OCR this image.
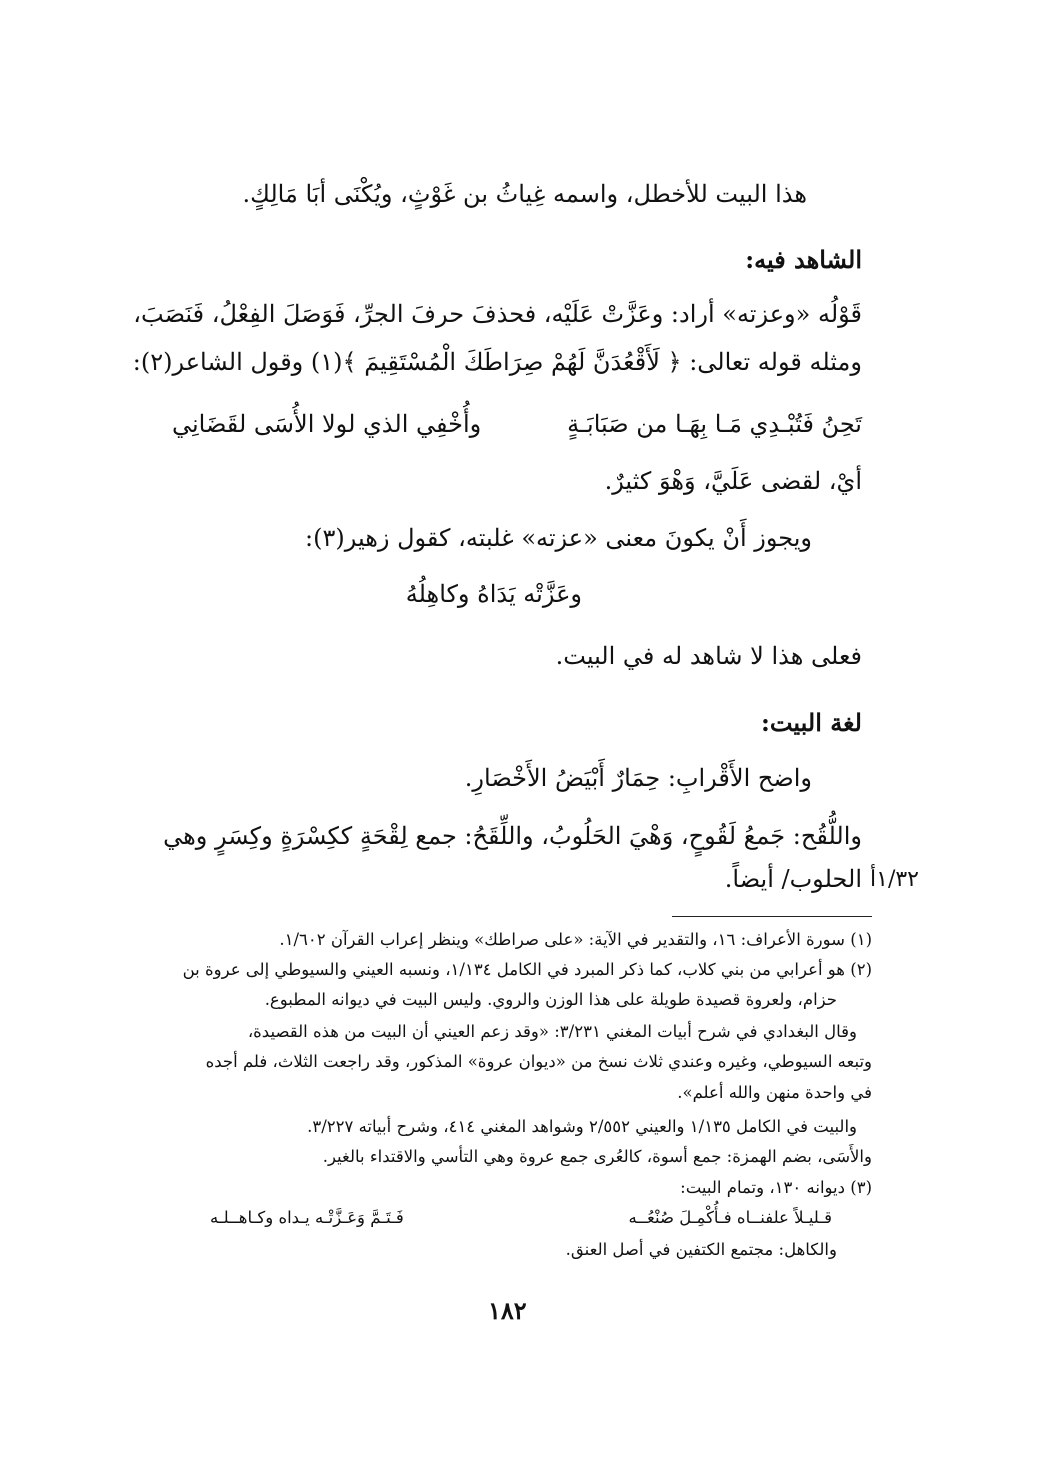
هذا البيت للأخطل، واسمه غِياثُ بن غَوْثٍ، ويُكْنَى أبَا مَالِكٍ.
الشاهد فيه:
قَوْلُه «وعزته» أراد: وعَزَّتْ عَلَيْه، فحذفَ حرفَ الجرِّ، فَوَصَلَ الفِعْلُ، فَنَصَبَ،
ومثله قوله تعالى: ﴿ لَأَقْعُدَنَّ لَهُمْ صِرَاطَكَ الْمُسْتَقِيمَ ﴾(١) وقول الشاعر(٢):
تَحِنُ فَتُبْـدِي مَـا بِهَـا من صَبَابَـةٍ
وأُخْفِي الذي لولا الأُسَى لقَضَانِي
أيْ، لقضى عَلَيَّ، وَهْوَ كثيرٌ.
ويجوز أَنْ يكونَ معنى «عزته» غلبته، كقول زهير(٣):
وعَزَّتْه يَدَاهُ وكاهِلُهُ
فعلى هذا لا شاهد له في البيت.
لغة البيت:
واضح الأَقْرابِ: حِمَارٌ أَبْيَضُ الأَخْصَارِ.
واللُّقُح: جَمعُ لَقُوحٍ، وَهْيَ الحَلُوبُ، واللِّقَحُ: جمع لِقْحَةٍ ككِسْرَةٍ وكِسَرٍ وهي
الحلوب/ أيضاً. ١/٣٢أ
(١) سورة الأعراف: ١٦، والتقدير في الآية: «على صراطك» وينظر إعراب القرآن ١/٦٠٢.
(٢) هو أعرابي من بني كلاب، كما ذكر المبرد في الكامل ١/١٣٤، ونسبه العيني والسيوطي إلى عروة بن
حزام، ولعروة قصيدة طويلة على هذا الوزن والروي. وليس البيت في ديوانه المطبوع.
وقال البغدادي في شرح أبيات المغني ٣/٢٣١: «وقد زعم العيني أن البيت من هذه القصيدة،
وتبعه السيوطي، وغيره وعندي ثلاث نسخ من «ديوان عروة» المذكور، وقد راجعت الثلاث، فلم أجده
في واحدة منهن والله أعلم».
والبيت في الكامل ١/١٣٥ والعيني ٢/٥٥٢ وشواهد المغني ٤١٤، وشرح أبياته ٣/٢٢٧.
والأَسَى، بضم الهمزة: جمع أسوة، كالعُرى جمع عروة وهي التأسي والاقتداء بالغير.
(٣) ديوانه ١٣٠، وتمام البيت:
قـليـلاً علفنــاه فـأُكْمِـلَ صُنْعُــه
فَـتَـمَّ وَعَـزَّتْـه يـداه وكـاهــلـه
والكاهل: مجتمع الكتفين في أصل العنق.
١٨٢
